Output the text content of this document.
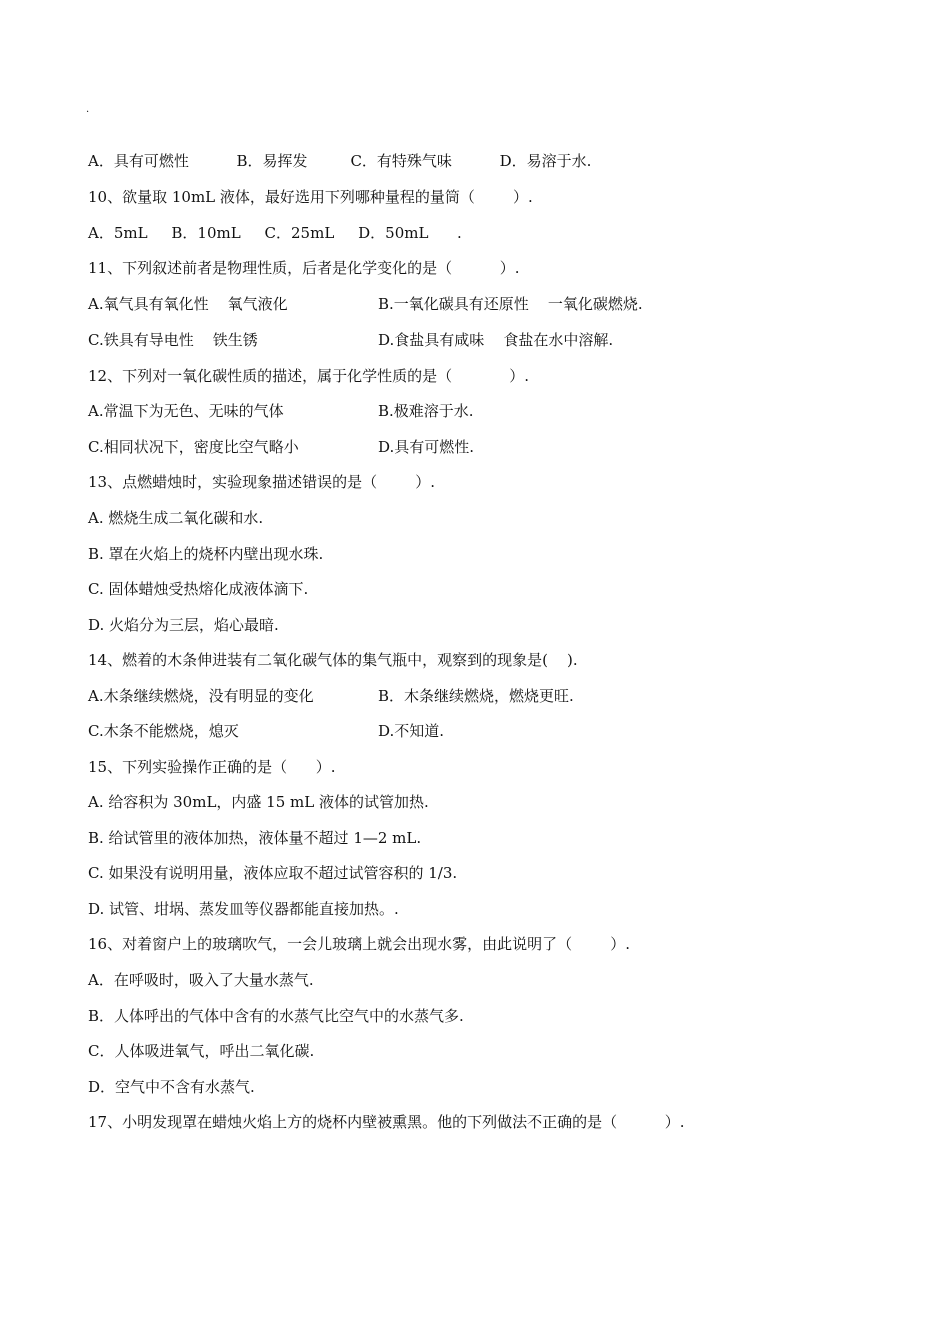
.
A．具有可燃性          B．易挥发         C．有特殊气味          D．易溶于水.
10、欲量取 10mL 液体，最好选用下列哪种量程的量筒（        ）.
A．5mL     B．10mL     C．25mL     D．50mL      .
11、下列叙述前者是物理性质，后者是化学变化的是（          ）.
A.氧气具有氧化性    氧气液化	B.一氧化碳具有还原性    一氧化碳燃烧.
C.铁具有导电性    铁生锈	D.食盐具有咸味    食盐在水中溶解.
12、下列对一氧化碳性质的描述，属于化学性质的是（            ）.
A.常温下为无色、无味的气体	B.极难溶于水.
C.相同状况下，密度比空气略小	D.具有可燃性.
13、点燃蜡烛时，实验现象描述错误的是（        ）.
A. 燃烧生成二氧化碳和水.
B. 罩在火焰上的烧杯内壁出现水珠.
C. 固体蜡烛受热熔化成液体滴下.
D. 火焰分为三层，焰心最暗.
14、燃着的木条伸进装有二氧化碳气体的集气瓶中，观察到的现象是(    ).
A.木条继续燃烧，没有明显的变化	B．木条继续燃烧，燃烧更旺.
C.木条不能燃烧，熄灭	D.不知道.
15、下列实验操作正确的是（      ）.
A. 给容积为 30mL，内盛 15 mL 液体的试管加热.
B. 给试管里的液体加热，液体量不超过 1—2 mL.
C. 如果没有说明用量，液体应取不超过试管容积的 1/3.
D. 试管、坩埚、蒸发皿等仪器都能直接加热。.
16、对着窗户上的玻璃吹气，一会儿玻璃上就会出现水雾，由此说明了（        ）.
A．在呼吸时，吸入了大量水蒸气.
B．人体呼出的气体中含有的水蒸气比空气中的水蒸气多.
C．人体吸进氧气，呼出二氧化碳.
D．空气中不含有水蒸气.
17、小明发现罩在蜡烛火焰上方的烧杯内壁被熏黑。他的下列做法不正确的是（          ）.
